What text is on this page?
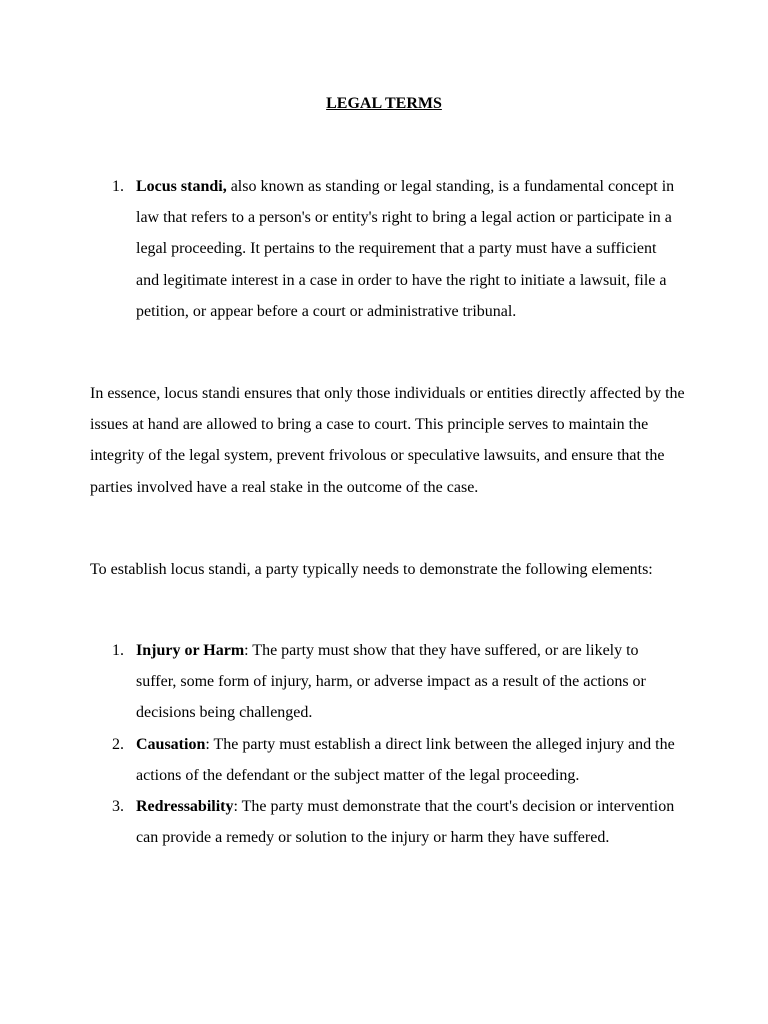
LEGAL TERMS
1. Locus standi, also known as standing or legal standing, is a fundamental concept in law that refers to a person's or entity's right to bring a legal action or participate in a legal proceeding. It pertains to the requirement that a party must have a sufficient and legitimate interest in a case in order to have the right to initiate a lawsuit, file a petition, or appear before a court or administrative tribunal.

In essence, locus standi ensures that only those individuals or entities directly affected by the issues at hand are allowed to bring a case to court. This principle serves to maintain the integrity of the legal system, prevent frivolous or speculative lawsuits, and ensure that the parties involved have a real stake in the outcome of the case.

To establish locus standi, a party typically needs to demonstrate the following elements:

1. Injury or Harm: The party must show that they have suffered, or are likely to suffer, some form of injury, harm, or adverse impact as a result of the actions or decisions being challenged.
2. Causation: The party must establish a direct link between the alleged injury and the actions of the defendant or the subject matter of the legal proceeding.
3. Redressability: The party must demonstrate that the court's decision or intervention can provide a remedy or solution to the injury or harm they have suffered.
